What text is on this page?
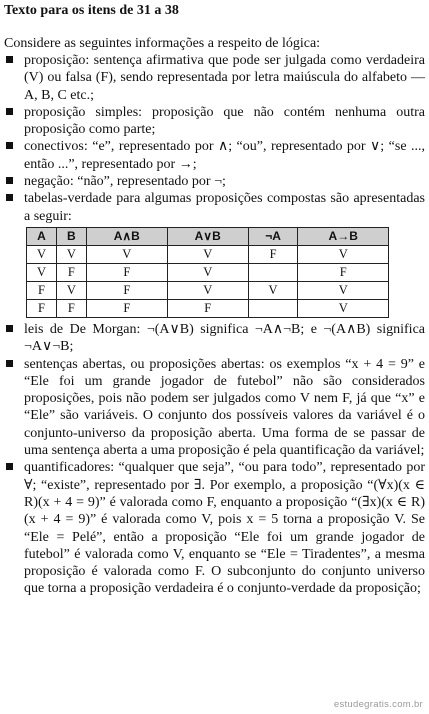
Texto para os itens de 31 a 38
Considere as seguintes informações a respeito de lógica:
proposição: sentença afirmativa que pode ser julgada como verdadeira (V) ou falsa (F), sendo representada por letra maiúscula do alfabeto — A, B, C etc.;
proposição simples: proposição que não contém nenhuma outra proposição como parte;
conectivos: “e”, representado por ∧; “ou”, representado por ∨; “se ..., então ...”, representado por →;
negação: “não”, representado por ¬;
tabelas-verdade para algumas proposições compostas são apresentadas a seguir:
A	B	A∧B	A∨B	¬A	A→B
V	V	V	V	F	V
V	F	F	V		F
F	V	F	V	V	V
F	F	F	F		V
leis de De Morgan: ¬(A∨B) significa ¬A∧¬B; e ¬(A∧B) significa ¬A∨¬B;
sentenças abertas, ou proposições abertas: os exemplos “x + 4 = 9” e “Ele foi um grande jogador de futebol” não são considerados proposições, pois não podem ser julgados como V nem F, já que “x” e “Ele” são variáveis. O conjunto dos possíveis valores da variável é o conjunto-universo da proposição aberta. Uma forma de se passar de uma sentença aberta a uma proposição é pela quantificação da variável;
quantificadores: “qualquer que seja”, “ou para todo”, representado por ∀; “existe”, representado por ∃. Por exemplo, a proposição “(∀x)(x ∈ R)(x + 4 = 9)” é valorada como F, enquanto a proposição “(∃x)(x ∈ R)(x + 4 = 9)” é valorada como V, pois x = 5 torna a proposição V. Se “Ele = Pelé”, então a proposição “Ele foi um grande jogador de futebol” é valorada como V, enquanto se “Ele = Tiradentes”, a mesma proposição é valorada como F. O subconjunto do conjunto universo que torna a proposição verdadeira é o conjunto-verdade da proposição;
estudegratis.com.br
